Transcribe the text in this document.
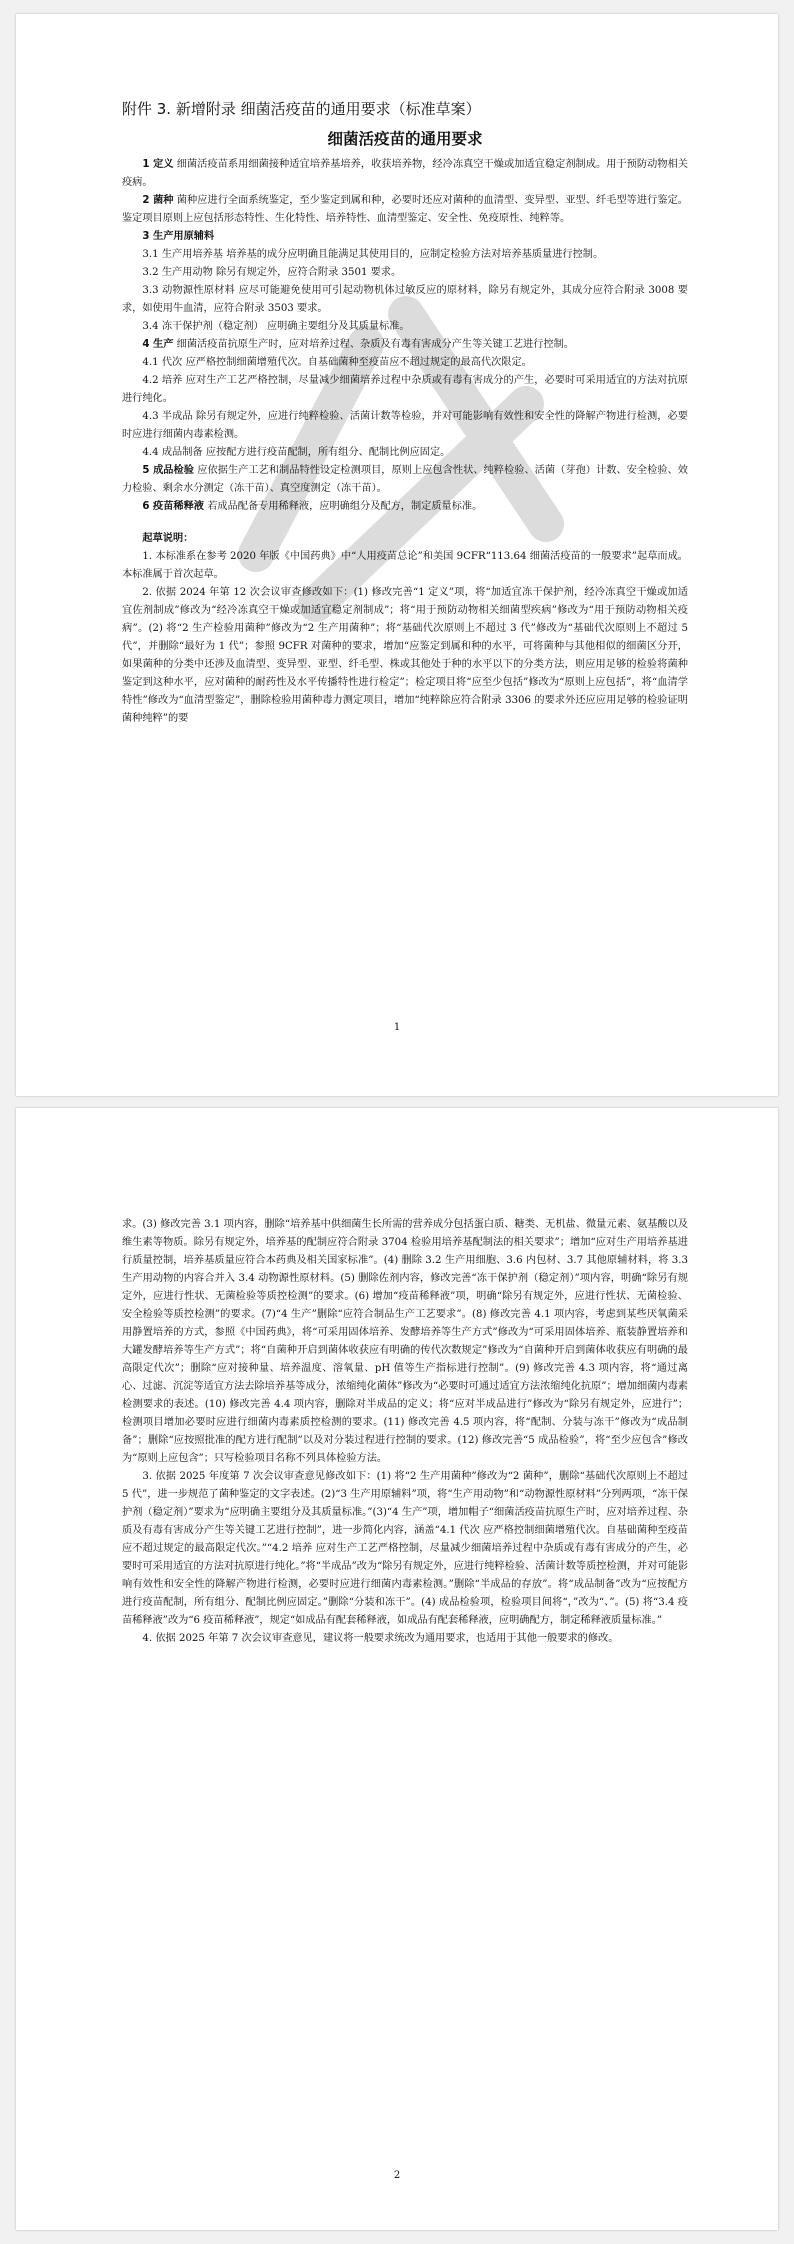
附件 3. 新增附录 细菌活疫苗的通用要求（标准草案）
细菌活疫苗的通用要求
1 定义 细菌活疫苗系用细菌接种适宜培养基培养，收获培养物，经冷冻真空干燥或加适宜稳定剂制成。用于预防动物相关疫病。
2 菌种 菌种应进行全面系统鉴定，至少鉴定到属和种，必要时还应对菌种的血清型、变异型、亚型、纤毛型等进行鉴定。鉴定项目原则上应包括形态特性、生化特性、培养特性、血清型鉴定、安全性、免疫原性、纯粹等。
3 生产用原辅料
3.1 生产用培养基 培养基的成分应明确且能满足其使用目的，应制定检验方法对培养基质量进行控制。
3.2 生产用动物 除另有规定外，应符合附录 3501 要求。
3.3 动物源性原材料 应尽可能避免使用可引起动物机体过敏反应的原材料，除另有规定外，其成分应符合附录 3008 要求，如使用牛血清，应符合附录 3503 要求。
3.4 冻干保护剂（稳定剂） 应明确主要组分及其质量标准。
4 生产 细菌活疫苗抗原生产时，应对培养过程、杂质及有毒有害成分产生等关键工艺进行控制。
4.1 代次 应严格控制细菌增殖代次。自基础菌种至疫苗应不超过规定的最高代次限定。
4.2 培养 应对生产工艺严格控制，尽量减少细菌培养过程中杂质或有毒有害成分的产生，必要时可采用适宜的方法对抗原进行纯化。
4.3 半成品 除另有规定外，应进行纯粹检验、活菌计数等检验，并对可能影响有效性和安全性的降解产物进行检测，必要时应进行细菌内毒素检测。
4.4 成品制备 应按配方进行疫苗配制，所有组分、配制比例应固定。
5 成品检验 应依据生产工艺和制品特性设定检测项目，原则上应包含性状、纯粹检验、活菌（芽孢）计数、安全检验、效力检验、剩余水分测定（冻干苗）、真空度测定（冻干苗）。
6 疫苗稀释液 若成品配备专用稀释液，应明确组分及配方，制定质量标准。
起草说明：
1. 本标准系在参考 2020 年版《中国药典》中“人用疫苗总论”和美国 9CFR“113.64 细菌活疫苗的一般要求”起草而成。本标准属于首次起草。
2. 依据 2024 年第 12 次会议审查修改如下：(1) 修改完善“1 定义”项，将“加适宜冻干保护剂，经冷冻真空干燥或加适宜佐剂制成”修改为“经冷冻真空干燥或加适宜稳定剂制成”；将“用于预防动物相关细菌型疾病”修改为“用于预防动物相关疫病”。(2) 将“2 生产检验用菌种”修改为“2 生产用菌种”；将“基础代次原则上不超过 3 代”修改为“基础代次原则上不超过 5 代”，并删除“最好为 1 代”；参照 9CFR 对菌种的要求，增加“应鉴定到属和种的水平，可将菌种与其他相似的细菌区分开，如果菌种的分类中还涉及血清型、变异型、亚型、纤毛型、株或其他处于种的水平以下的分类方法，则应用足够的检验将菌种鉴定到这种水平，应对菌种的耐药性及水平传播特性进行检定”；检定项目将“应至少包括”修改为“原则上应包括”，将“血清学特性”修改为“血清型鉴定”，删除检验用菌种毒力测定项目，增加“纯粹除应符合附录 3306 的要求外还应应用足够的检验证明菌种纯粹”的要
1
求。(3) 修改完善 3.1 项内容，删除“培养基中供细菌生长所需的营养成分包括蛋白质、糖类、无机盐、微量元素、氨基酸以及维生素等物质。除另有规定外，培养基的配制应符合附录 3704 检验用培养基配制法的相关要求”；增加“应对生产用培养基进行质量控制，培养基质量应符合本药典及相关国家标准”。(4) 删除 3.2 生产用细胞、3.6 内包材、3.7 其他原辅材料，将 3.3 生产用动物的内容合并入 3.4 动物源性原材料。(5) 删除佐剂内容，修改完善“冻干保护剂（稳定剂）”项内容，明确“除另有规定外，应进行性状、无菌检验等质控检测”的要求。(6) 增加“疫苗稀释液”项，明确“除另有规定外，应进行性状、无菌检验、安全检验等质控检测”的要求。(7)“4 生产”删除“应符合制品生产工艺要求”。(8) 修改完善 4.1 项内容，考虑到某些厌氧菌采用静置培养的方式，参照《中国药典》，将“可采用固体培养、发酵培养等生产方式”修改为“可采用固体培养、瓶装静置培养和大罐发酵培养等生产方式”；将“自菌种开启到菌体收获应有明确的传代次数规定”修改为“自菌种开启到菌体收获应有明确的最高限定代次”；删除“应对接种量、培养温度、溶氧量、pH 值等生产指标进行控制”。(9) 修改完善 4.3 项内容，将“通过离心、过滤、沉淀等适宜方法去除培养基等成分，浓缩纯化菌体”修改为“必要时可通过适宜方法浓缩纯化抗原”；增加细菌内毒素检测要求的表述。(10) 修改完善 4.4 项内容，删除对半成品的定义；将“应对半成品进行”修改为“除另有规定外，应进行”；检测项目增加必要时应进行细菌内毒素质控检测的要求。(11) 修改完善 4.5 项内容，将“配制、分装与冻干”修改为“成品制备”；删除“应按照批准的配方进行配制”以及对分装过程进行控制的要求。(12) 修改完善“5 成品检验”，将“至少应包含”修改为“原则上应包含”；只写检验项目名称不列具体检验方法。
3. 依据 2025 年度第 7 次会议审查意见修改如下：(1) 将“2 生产用菌种”修改为“2 菌种”，删除“基础代次原则上不超过 5 代”，进一步规范了菌种鉴定的文字表述。(2)“3 生产用原辅料”项，将“生产用动物”和“动物源性原材料”分列两项，“冻干保护剂（稳定剂）”要求为“应明确主要组分及其质量标准。”(3)“4 生产”项，增加帽子“细菌活疫苗抗原生产时，应对培养过程、杂质及有毒有害成分产生等关键工艺进行控制”，进一步简化内容，涵盖“4.1 代次 应严格控制细菌增殖代次。自基础菌种至疫苗应不超过规定的最高限定代次。”“4.2 培养 应对生产工艺严格控制，尽量减少细菌培养过程中杂质或有毒有害成分的产生，必要时可采用适宜的方法对抗原进行纯化。”将“半成品”改为“除另有规定外，应进行纯粹检验、活菌计数等质控检测，并对可能影响有效性和安全性的降解产物进行检测，必要时应进行细菌内毒素检测。”删除“半成品的存放”。将“成品制备”改为“应按配方进行疫苗配制，所有组分、配制比例应固定。”删除“分装和冻干”。(4) 成品检验项，检验项目间将“，”改为“、”。(5) 将“3.4 疫苗稀释液”改为“6 疫苗稀释液”，规定“如成品有配套稀释液，如成品有配套稀释液，应明确配方，制定稀释液质量标准。”
4. 依据 2025 年第 7 次会议审查意见，建议将一般要求统改为通用要求，也适用于其他一般要求的修改。
2
